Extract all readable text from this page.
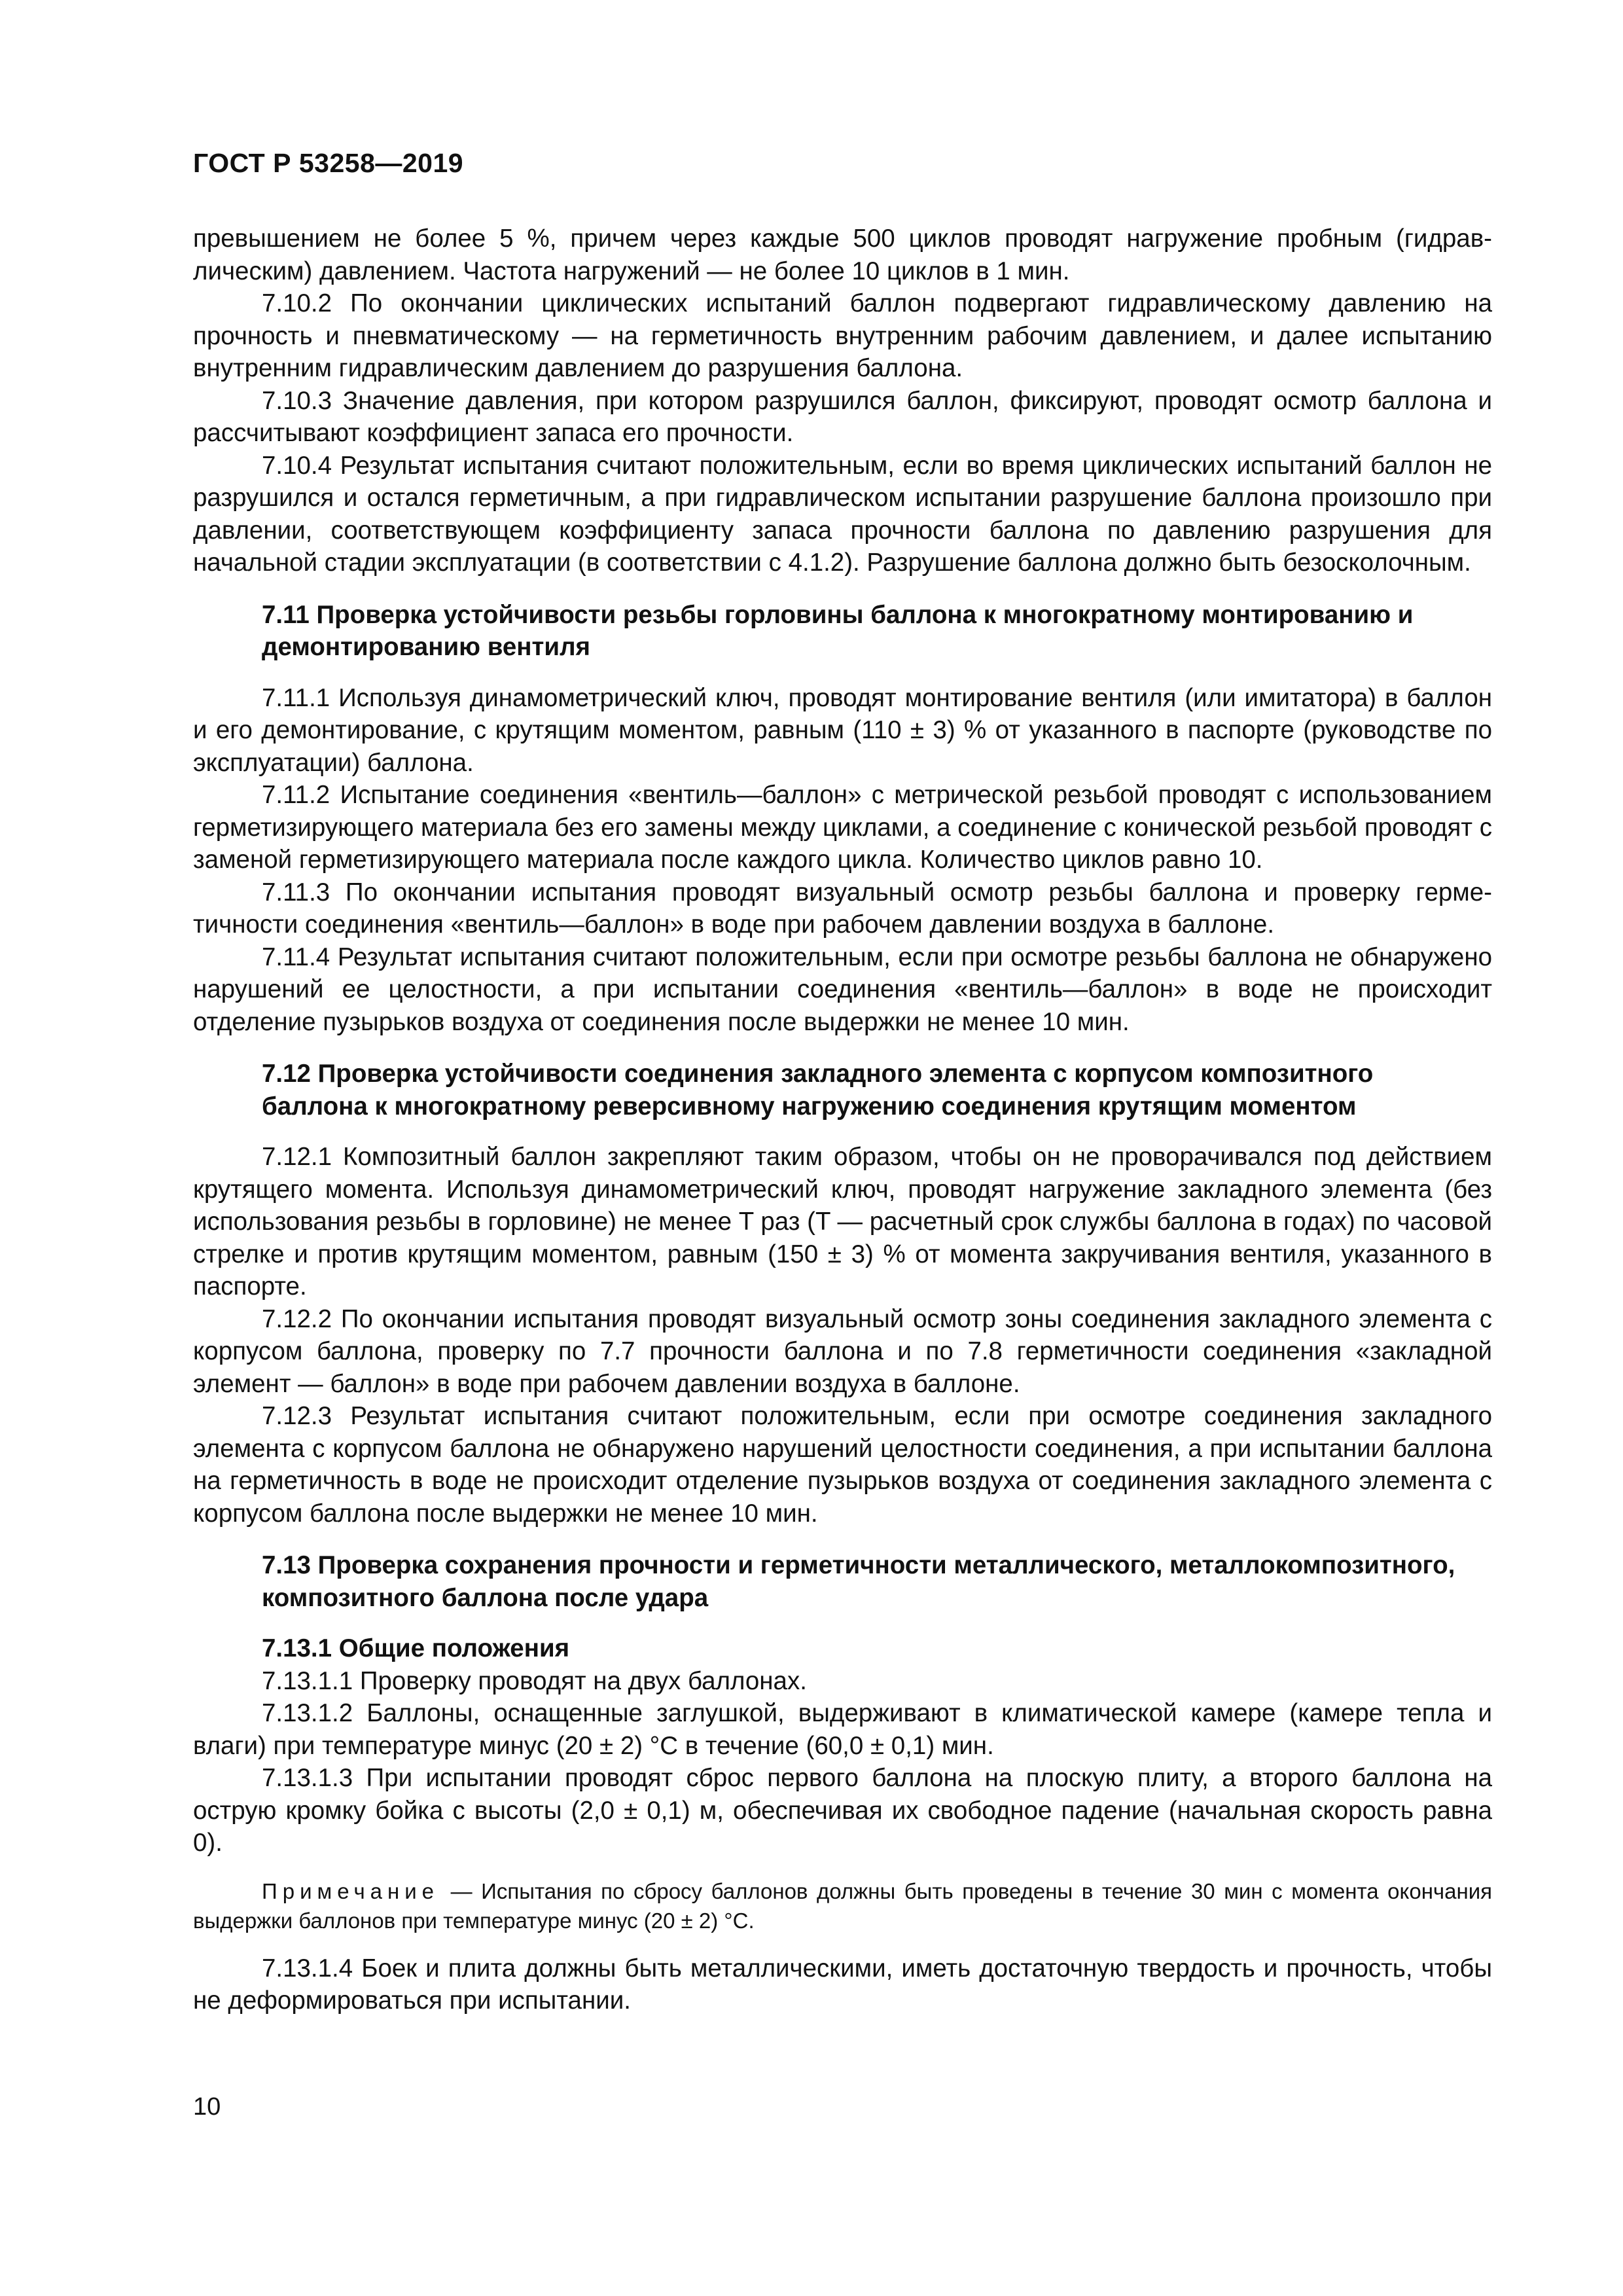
ГОСТ Р 53258—2019

превышением не более 5 %, причем через каждые 500 циклов проводят нагружение пробным (гидравлическим) давлением. Частота нагружений — не более 10 циклов в 1 мин.

7.10.2 По окончании циклических испытаний баллон подвергают гидравлическому давлению на прочность и пневматическому — на герметичность внутренним рабочим давлением, и далее испытанию внутренним гидравлическим давлением до разрушения баллона.

7.10.3 Значение давления, при котором разрушился баллон, фиксируют, проводят осмотр баллона и рассчитывают коэффициент запаса его прочности.

7.10.4 Результат испытания считают положительным, если во время циклических испытаний баллон не разрушился и остался герметичным, а при гидравлическом испытании разрушение баллона произошло при давлении, соответствующем коэффициенту запаса прочности баллона по давлению разрушения для начальной стадии эксплуатации (в соответствии с 4.1.2). Разрушение баллона должно быть безосколочным.

7.11 Проверка устойчивости резьбы горловины баллона к многократному монтированию и демонтированию вентиля

7.11.1 Используя динамометрический ключ, проводят монтирование вентиля (или имитатора) в баллон и его демонтирование, с крутящим моментом, равным (110 ± 3) % от указанного в паспорте (руководстве по эксплуатации) баллона.

7.11.2 Испытание соединения «вентиль—баллон» с метрической резьбой проводят с использованием герметизирующего материала без его замены между циклами, а соединение с конической резьбой проводят с заменой герметизирующего материала после каждого цикла. Количество циклов равно 10.

7.11.3 По окончании испытания проводят визуальный осмотр резьбы баллона и проверку герметичности соединения «вентиль—баллон» в воде при рабочем давлении воздуха в баллоне.

7.11.4 Результат испытания считают положительным, если при осмотре резьбы баллона не обнаружено нарушений ее целостности, а при испытании соединения «вентиль—баллон» в воде не происходит отделение пузырьков воздуха от соединения после выдержки не менее 10 мин.

7.12 Проверка устойчивости соединения закладного элемента с корпусом композитного баллона к многократному реверсивному нагружению соединения крутящим моментом

7.12.1 Композитный баллон закрепляют таким образом, чтобы он не проворачивался под действием крутящего момента. Используя динамометрический ключ, проводят нагружение закладного элемента (без использования резьбы в горловине) не менее T раз (T — расчетный срок службы баллона в годах) по часовой стрелке и против крутящим моментом, равным (150 ± 3) % от момента закручивания вентиля, указанного в паспорте.

7.12.2 По окончании испытания проводят визуальный осмотр зоны соединения закладного элемента с корпусом баллона, проверку по 7.7 прочности баллона и по 7.8 герметичности соединения «закладной элемент — баллон» в воде при рабочем давлении воздуха в баллоне.

7.12.3 Результат испытания считают положительным, если при осмотре соединения закладного элемента с корпусом баллона не обнаружено нарушений целостности соединения, а при испытании баллона на герметичность в воде не происходит отделение пузырьков воздуха от соединения закладного элемента с корпусом баллона после выдержки не менее 10 мин.

7.13 Проверка сохранения прочности и герметичности металлического, металлокомпозитного, композитного баллона после удара
7.13.1 Общие положения

7.13.1.1 Проверку проводят на двух баллонах.

7.13.1.2 Баллоны, оснащенные заглушкой, выдерживают в климатической камере (камере тепла и влаги) при температуре минус (20 ± 2) °С в течение (60,0 ± 0,1) мин.

7.13.1.3 При испытании проводят сброс первого баллона на плоскую плиту, а второго баллона на острую кромку бойка с высоты (2,0 ± 0,1) м, обеспечивая их свободное падение (начальная скорость равна 0).

Примечание — Испытания по сбросу баллонов должны быть проведены в течение 30 мин с момента окончания выдержки баллонов при температуре минус (20 ± 2) °С.

7.13.1.4 Боек и плита должны быть металлическими, иметь достаточную твердость и прочность, чтобы не деформироваться при испытании.

10
